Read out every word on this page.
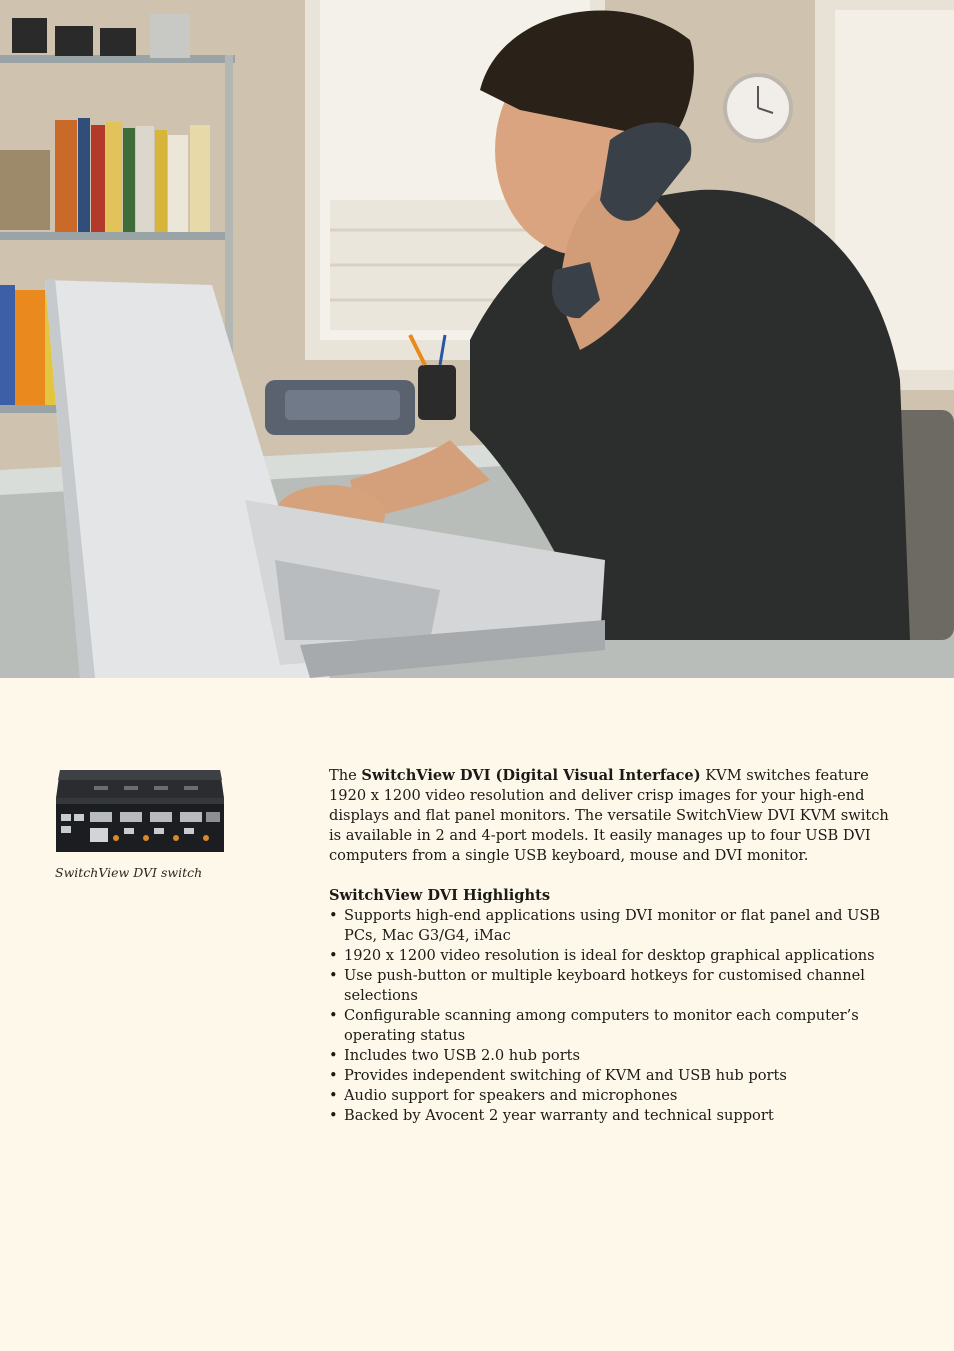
SwitchView DVI switch

The SwitchView DVI (Digital Visual Interface) KVM switches feature 1920 x 1200 video resolution and deliver crisp images for your high-end displays and flat panel monitors. The versatile SwitchView DVI KVM switch is available in 2 and 4-port models. It easily manages up to four USB DVI computers from a single USB keyboard, mouse and DVI monitor.

SwitchView DVI Highlights

• Supports high-end applications using DVI monitor or flat panel and USB PCs, Mac G3/G4, iMac
• 1920 x 1200 video resolution is ideal for desktop graphical applications
• Use push-button or multiple keyboard hotkeys for customised channel selections
• Configurable scanning among computers to monitor each computer’s operating status
• Includes two USB 2.0 hub ports
• Provides independent switching of KVM and USB hub ports
• Audio support for speakers and microphones
• Backed by Avocent 2 year warranty and technical support
